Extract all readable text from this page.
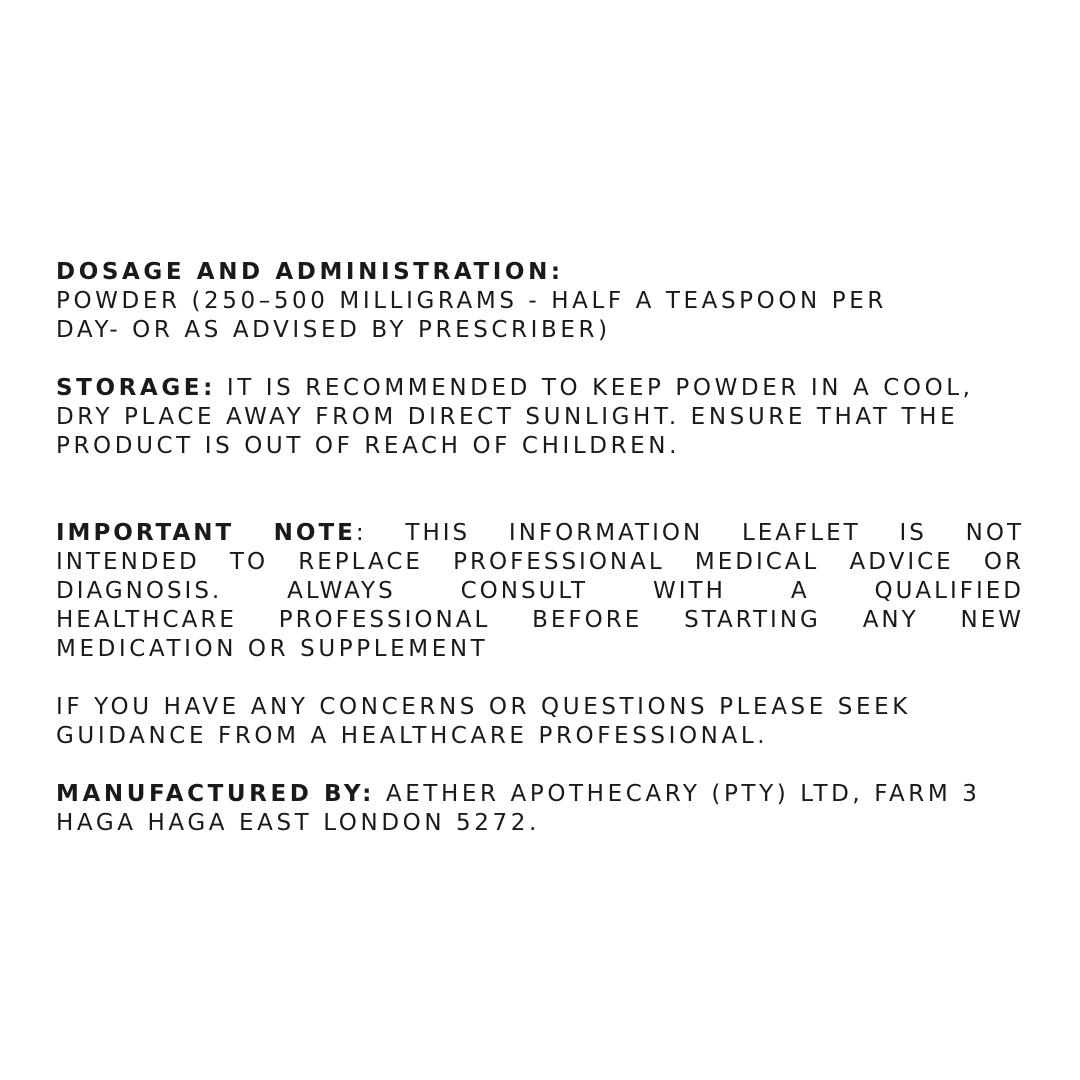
DOSAGE AND ADMINISTRATION:
POWDER (250–500 MILLIGRAMS - HALF A TEASPOON PER
DAY- OR AS ADVISED BY PRESCRIBER)
STORAGE: IT IS RECOMMENDED TO KEEP POWDER IN A COOL,
DRY PLACE AWAY FROM DIRECT SUNLIGHT. ENSURE THAT THE
PRODUCT IS OUT OF REACH OF CHILDREN.
IMPORTANT NOTE: THIS INFORMATION LEAFLET IS NOT
INTENDED TO REPLACE PROFESSIONAL MEDICAL ADVICE OR
DIAGNOSIS. ALWAYS CONSULT WITH A QUALIFIED
HEALTHCARE PROFESSIONAL BEFORE STARTING ANY NEW
MEDICATION OR SUPPLEMENT
IF YOU HAVE ANY CONCERNS OR QUESTIONS PLEASE SEEK
GUIDANCE FROM A HEALTHCARE PROFESSIONAL.
MANUFACTURED BY: AETHER APOTHECARY (PTY) LTD, FARM 3
HAGA HAGA EAST LONDON 5272.
